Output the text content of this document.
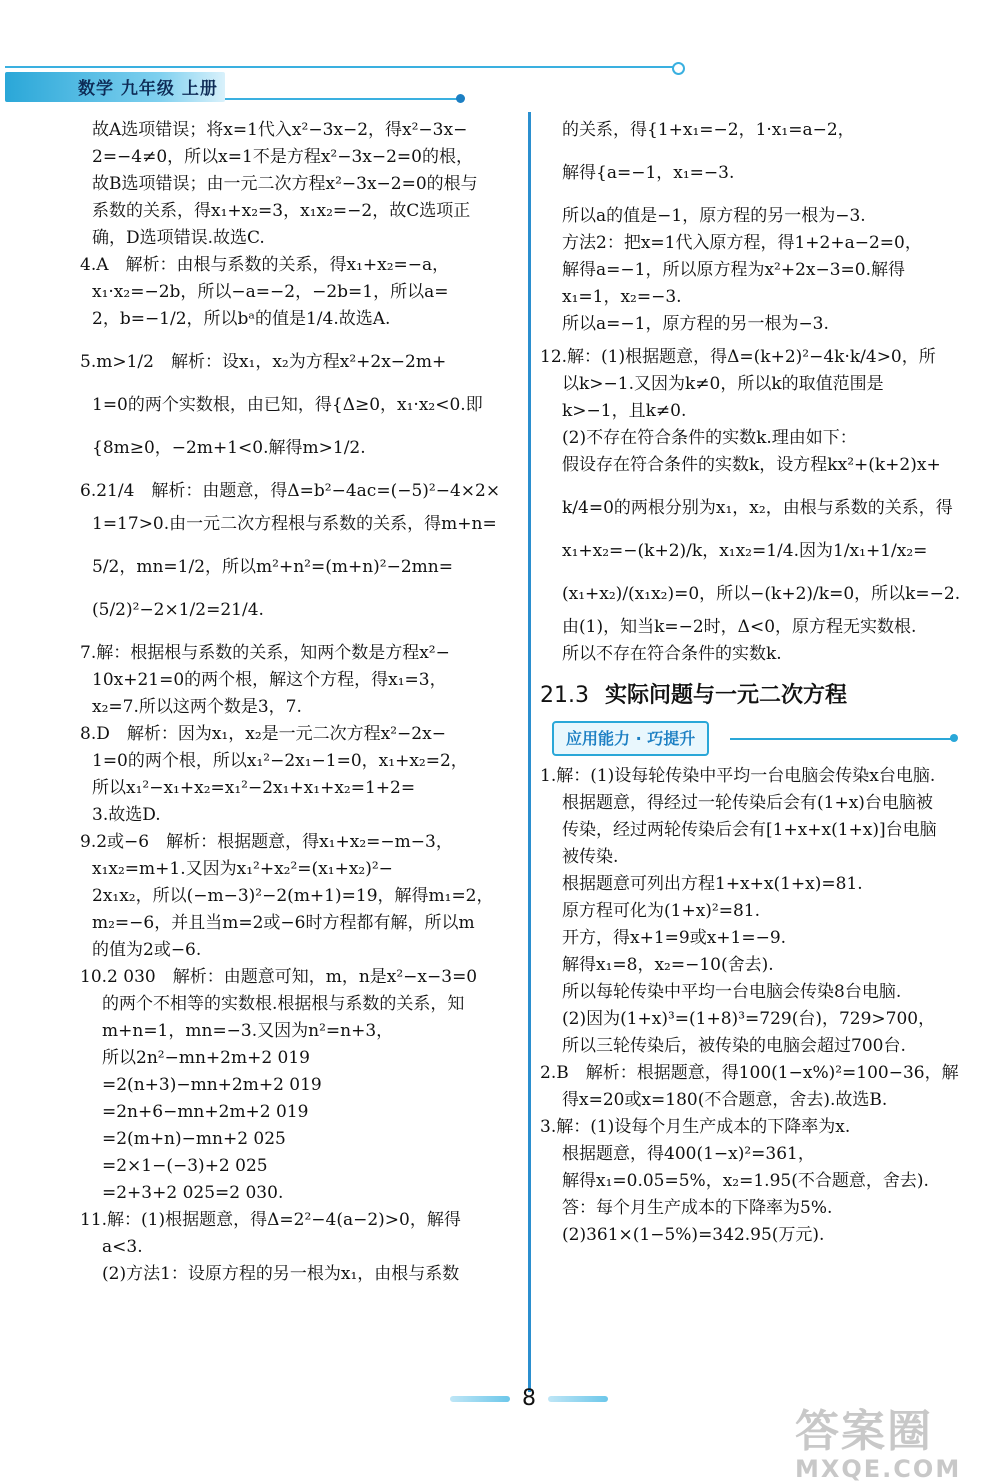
数学 九年级 上册

故A选项错误；将x=1代入x²−3x−2，得x²−3x−

2=−4≠0，所以x=1不是方程x²−3x−2=0的根，

故B选项错误；由一元二次方程x²−3x−2=0的根与

系数的关系，得x₁+x₂=3，x₁x₂=−2，故C选项正

确，D选项错误.故选C.

4.A　解析：由根与系数的关系，得x₁+x₂=−a，

x₁·x₂=−2b，所以−a=−2，−2b=1，所以a=

2，b=−1/2，所以bᵃ的值是1/4.故选A.

5.m>1/2　解析：设x₁，x₂为方程x²+2x−2m+

1=0的两个实数根，由已知，得{Δ≥0，x₁·x₂<0.即

{8m≥0，−2m+1<0.解得m>1/2.

6.21/4　解析：由题意，得Δ=b²−4ac=(−5)²−4×2×

1=17>0.由一元二次方程根与系数的关系，得m+n=

5/2，mn=1/2，所以m²+n²=(m+n)²−2mn=

(5/2)²−2×1/2=21/4.

7.解：根据根与系数的关系，知两个数是方程x²−

10x+21=0的两个根，解这个方程，得x₁=3，

x₂=7.所以这两个数是3，7.

8.D　解析：因为x₁，x₂是一元二次方程x²−2x−

1=0的两个根，所以x₁²−2x₁−1=0，x₁+x₂=2，

所以x₁²−x₁+x₂=x₁²−2x₁+x₁+x₂=1+2=

3.故选D.

9.2或−6　解析：根据题意，得x₁+x₂=−m−3，

x₁x₂=m+1.又因为x₁²+x₂²=(x₁+x₂)²−

2x₁x₂，所以(−m−3)²−2(m+1)=19，解得m₁=2，

m₂=−6，并且当m=2或−6时方程都有解，所以m

的值为2或−6.

10.2 030　解析：由题意可知，m，n是x²−x−3=0

的两个不相等的实数根.根据根与系数的关系，知

m+n=1，mn=−3.又因为n²=n+3，

所以2n²−mn+2m+2 019

=2(n+3)−mn+2m+2 019

=2n+6−mn+2m+2 019

=2(m+n)−mn+2 025

=2×1−(−3)+2 025

=2+3+2 025=2 030.

11.解：(1)根据题意，得Δ=2²−4(a−2)>0，解得

a<3.

(2)方法1：设原方程的另一根为x₁，由根与系数

的关系，得{1+x₁=−2，1·x₁=a−2，

解得{a=−1，x₁=−3.

所以a的值是−1，原方程的另一根为−3.

方法2：把x=1代入原方程，得1+2+a−2=0，

解得a=−1，所以原方程为x²+2x−3=0.解得

x₁=1，x₂=−3.

所以a=−1，原方程的另一根为−3.

12.解：(1)根据题意，得Δ=(k+2)²−4k·k/4>0，所

以k>−1.又因为k≠0，所以k的取值范围是

k>−1，且k≠0.

(2)不存在符合条件的实数k.理由如下：

假设存在符合条件的实数k，设方程kx²+(k+2)x+

k/4=0的两根分别为x₁，x₂，由根与系数的关系，得

x₁+x₂=−(k+2)/k，x₁x₂=1/4.因为1/x₁+1/x₂=

(x₁+x₂)/(x₁x₂)=0，所以−(k+2)/k=0，所以k=−2.

由(1)，知当k=−2时，Δ<0，原方程无实数根.

所以不存在符合条件的实数k.

21.3 实际问题与一元二次方程
应用能力 · 巧提升

1.解：(1)设每轮传染中平均一台电脑会传染x台电脑.

根据题意，得经过一轮传染后会有(1+x)台电脑被

传染，经过两轮传染后会有[1+x+x(1+x)]台电脑

被传染.

根据题意可列出方程1+x+x(1+x)=81.

原方程可化为(1+x)²=81.

开方，得x+1=9或x+1=−9.

解得x₁=8，x₂=−10(舍去).

所以每轮传染中平均一台电脑会传染8台电脑.

(2)因为(1+x)³=(1+8)³=729(台)，729>700，

所以三轮传染后，被传染的电脑会超过700台.

2.B　解析：根据题意，得100(1−x%)²=100−36，解

得x=20或x=180(不合题意，舍去).故选B.

3.解：(1)设每个月生产成本的下降率为x.

根据题意，得400(1−x)²=361，

解得x₁=0.05=5%，x₂=1.95(不合题意，舍去).

答：每个月生产成本的下降率为5%.

(2)361×(1−5%)=342.95(万元).

8
答案圈
MXQE.COM
